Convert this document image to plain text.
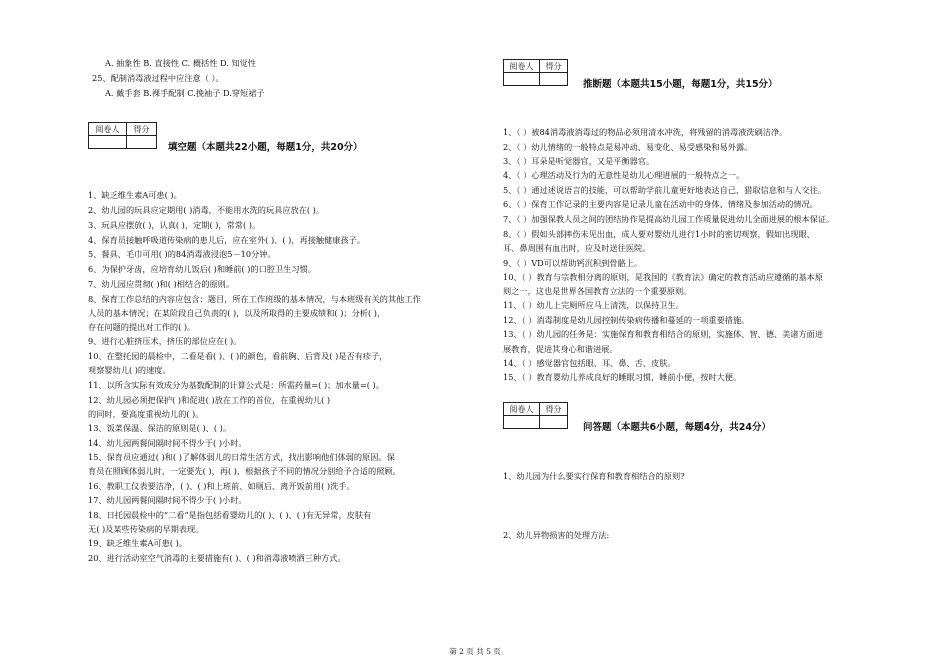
A. 抽象性 B. 直接性 C. 概括性 D. 知觉性
25、配制消毒液过程中应注意（ ）。
A. 戴手套 B.裸手配制 C.挽袖子 D.穿短裙子
阅卷人	得分

填空题（本题共22小题，每题1分，共20分）
1、缺乏维生素A可患( )。
2、幼儿园的玩具应定期用( )消毒，不能用水洗的玩具应放在( )。
3、玩具应摆放( )，认真( )，定期( )，常常( )。
4、保育员接触呼吸道传染病的患儿后，应在室外( )、( )，再接触健康孩子。
5、餐具、毛巾可用( )的84消毒液浸泡5－10分钟。
6、为保护牙齿，应培育幼儿饭后( )和睡前( )的口腔卫生习惯。
7、幼儿园应贯彻( )和( )相结合的原则。
8、保育工作总结的内容应包含：题目，所在工作班级的基本情况，与本班级有关的其他工作
人员的基本情况；在某阶段自己负责的( )，以及所取得的主要成绩和( )；分析( )，
存在问题的提出对工作的( )。
9、进行心脏挤压术，挤压的部位应在( )。
10、在整托园的晨检中，二看是看( )、( )的颜色，看前胸、后背及( )是否有疹子，
观察婴幼儿( )的速度。
11、以所含实际有效成分为基数配制的计算公式是：所需药量=( )；加水量=( )。
12、幼儿园必须把保护( )和促进( )放在工作的首位，在重视幼儿( )
的同时，要高度重视幼儿的( )。
13、饭菜保温、保洁的原则是( )、( )。
14、幼儿园两餐间隔时间不得少于( )小时。
15、保育员应通过( )和( )了解体弱儿的日常生活方式，找出影响他们体弱的原因。保
育员在照顾体弱儿时，一定要先( )，再( )，根据孩子不同的情况分别给予合适的照顾。
16、教职工仪表要洁净，( )、( )和上班前、如厕后、离开饭前用( )洗手。
17、幼儿园两餐间隔时间不得少于( )小时。
18、日托园晨检中的“二看”是指包括看婴幼儿的( )、( )、( )有无异常，皮肤有
无( )及某些传染病的早期表现。
19、缺乏维生素A可患( )。
20、进行活动室空气消毒的主要措施有( )、( )和消毒液喷洒三种方式。
阅卷人	得分

推断题（本题共15小题，每题1分，共15分）
1、（ ）被84消毒液消毒过的物品必须用清水冲洗，将残留的消毒液洗刷洁净。
2、（ ）幼儿情绪的一般特点是易冲动、易变化、易受感染和易外露。
3、（ ）耳朵是听觉器官，又是平衡器官。
4、（ ）心理活动及行为的无意性是幼儿心理进展的一般特点之一。
5、（ ）通过述说语言的技能，可以帮助学前儿童更好地表达自己，猎取信息和与人交往。
6、（ ）保育工作记录的主要内容是记录儿童在活动中的身体、情绪及参加活动的情况。
7、（ ）加强保教人员之间的团结协作是提高幼儿园工作质量促进幼儿全面进展的根本保证。
8、（ ）假如头部摔伤未见出血，成人要对婴幼儿进行1小时的密切观察，假如出现眼、
耳、鼻周围有血出时，应及时送往医院。
9、（ ）VD可以帮助钙沉积到骨骼上。
10、（ ）教育与宗教相分离的原则，是我国的《教育法》确定的教育活动应遵循的基本原
则之一，这也是世界各国教育立法的一个重要原则。
11、（ ）幼儿上完厕所应马上清洗，以保持卫生。
12、（ ）消毒制度是幼儿园控制传染病传播和蔓延的一项重要措施。
13、（ ）幼儿园的任务是：实施保育和教育相结合的原则，实施体、智、德、美诸方面进
展教育，促进其身心和谐进展。
14、（ ）感觉器官包括眼、耳、鼻、舌、皮肤。
15、（ ）教育婴幼儿养成良好的睡眠习惯，睡前小便，按时大便。
阅卷人	得分

问答题（本题共6小题，每题4分，共24分）
1、幼儿园为什么要实行保育和教育相结合的原则?
2、幼儿异物损害的处理方法:
第 2 页 共 5 页
